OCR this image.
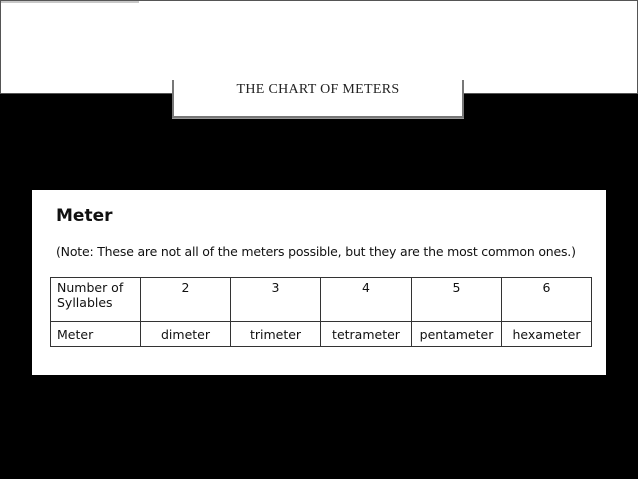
THE CHART OF METERS
Meter
(Note: These are not all of the meters possible, but they are the most common ones.)
Number of Syllables	2	3	4	5	6
Meter	dimeter	trimeter	tetrameter	pentameter	hexameter
